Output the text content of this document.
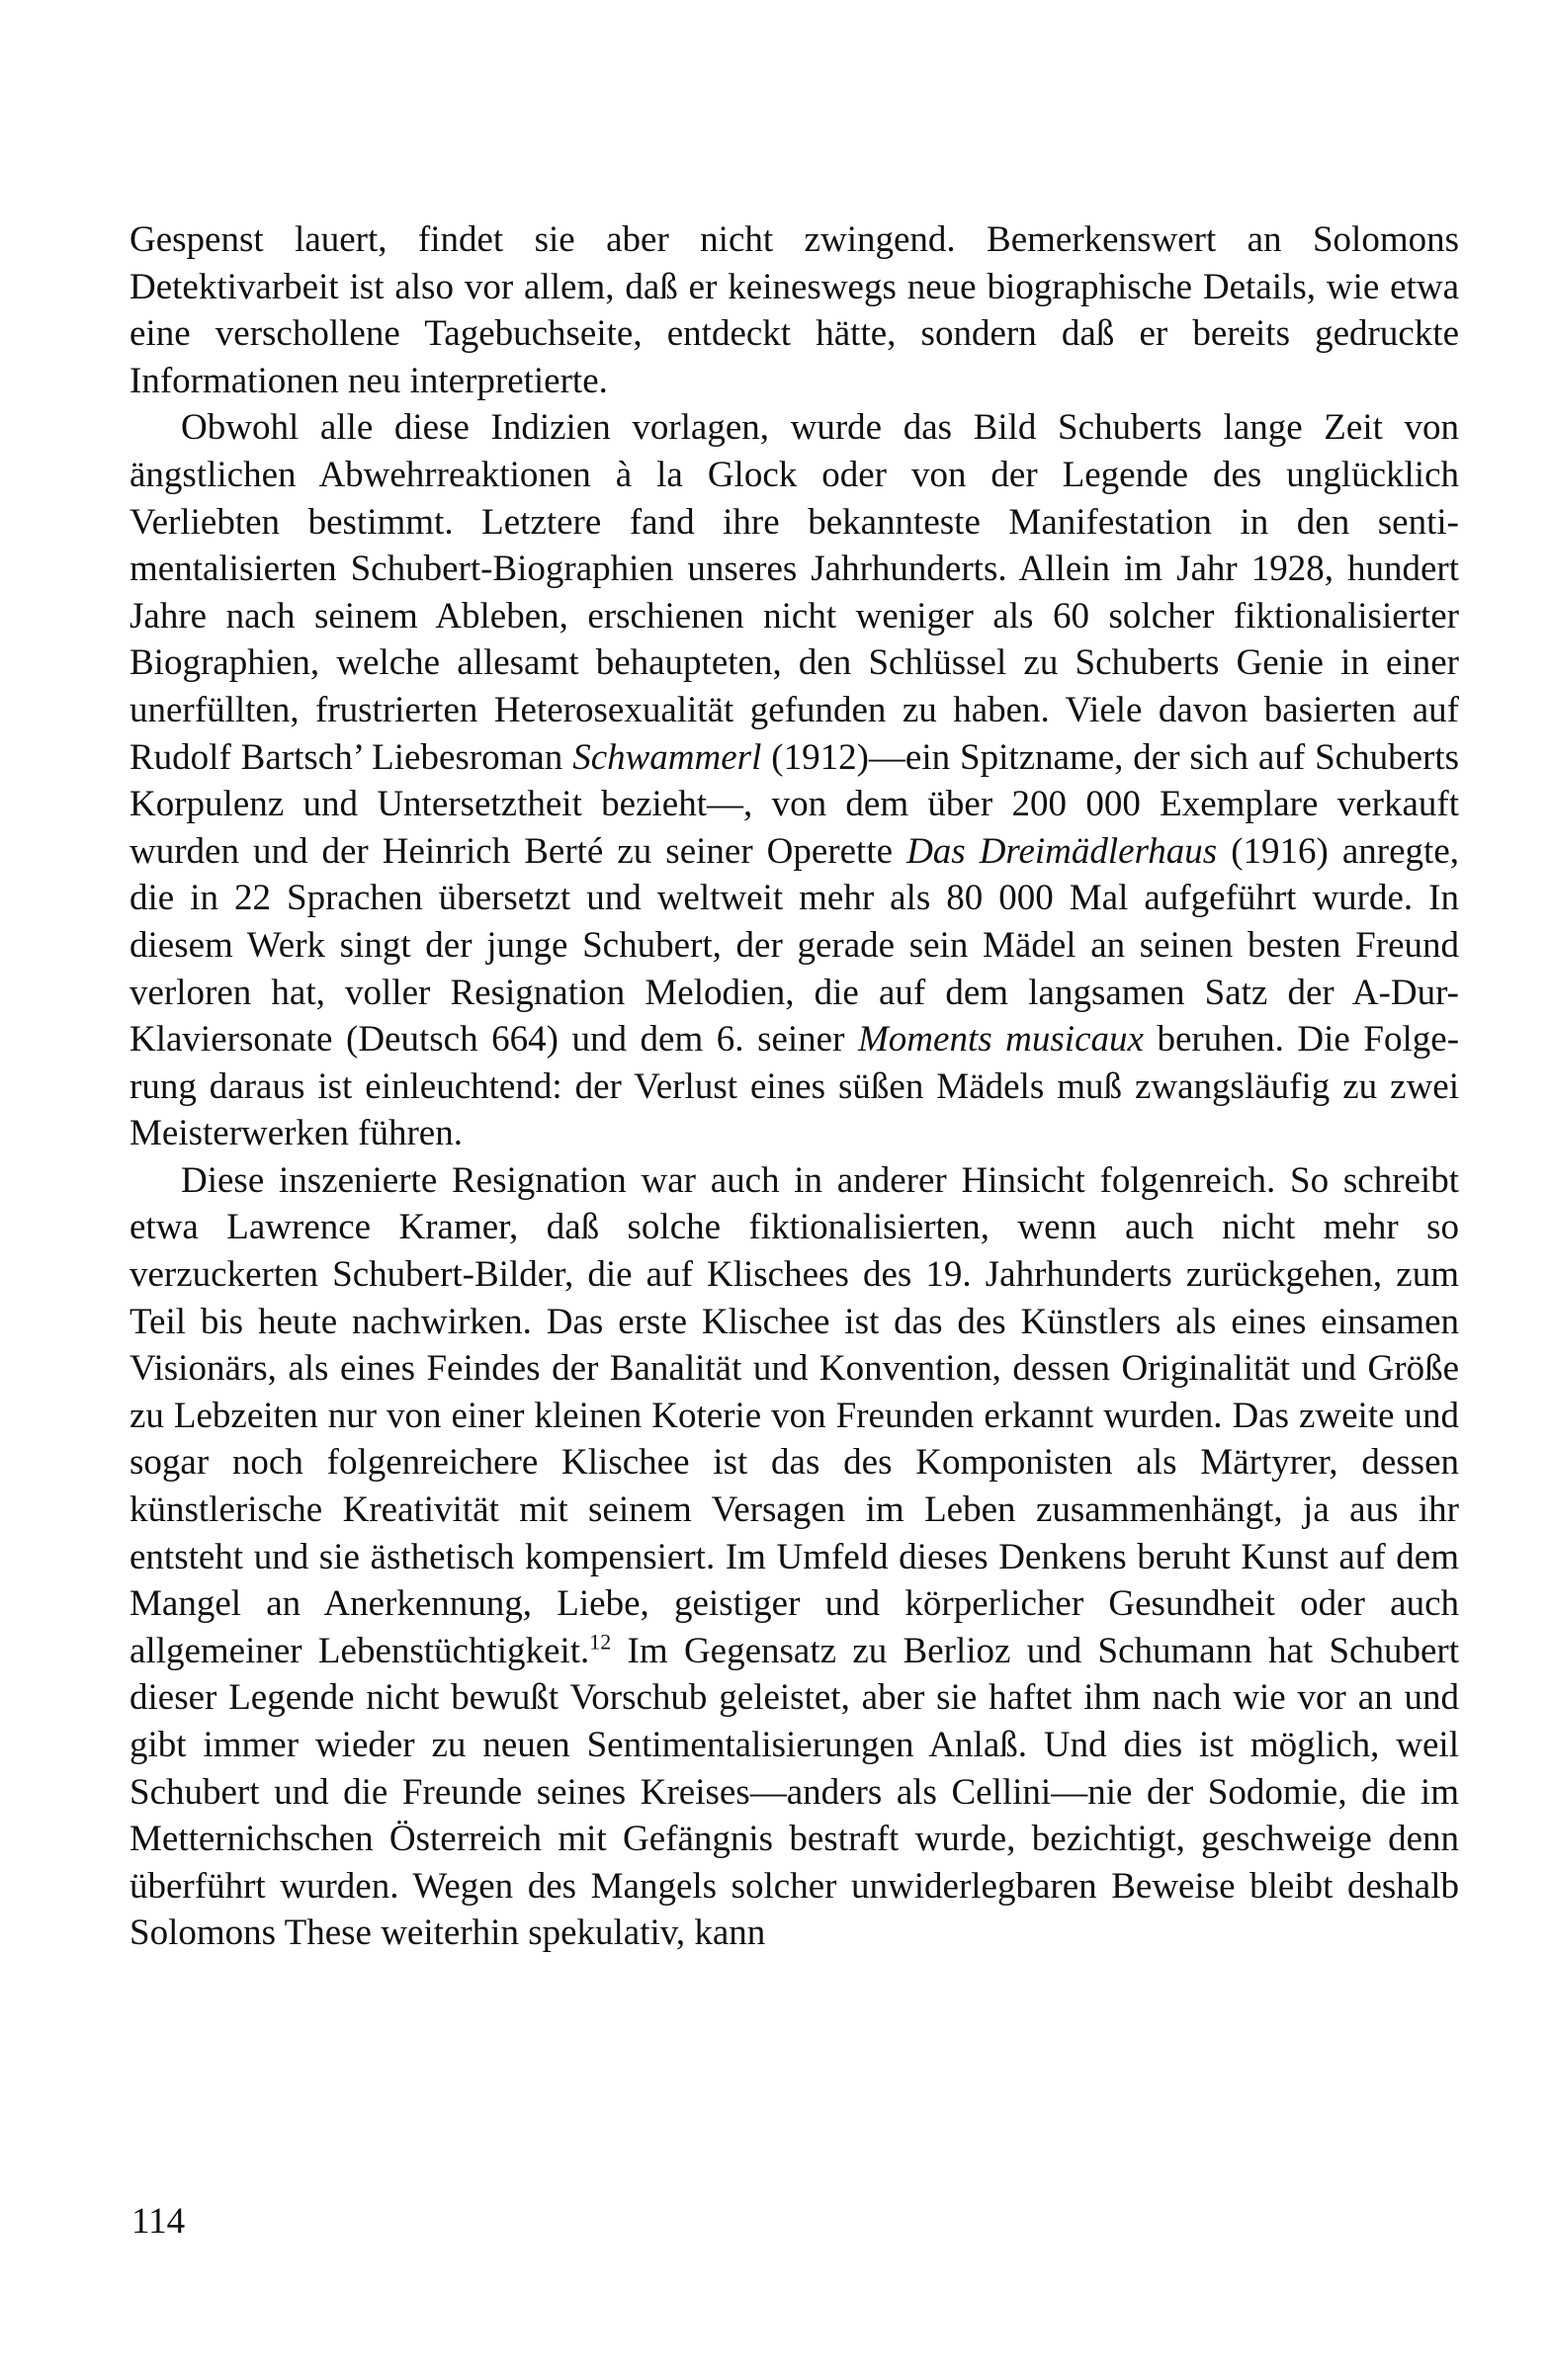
Gespenst lauert, findet sie aber nicht zwingend. Bemerkenswert an Solomons Detektivarbeit ist also vor allem, daß er keineswegs neue biographische Details, wie etwa eine verschollene Tagebuchseite, entdeckt hätte, sondern daß er bereits gedruckte Informationen neu interpretierte.

Obwohl alle diese Indizien vorlagen, wurde das Bild Schuberts lange Zeit von ängstlichen Abwehrreaktionen à la Glock oder von der Legende des unglücklich Verliebten bestimmt. Letztere fand ihre bekannteste Manifestation in den sentimentalisierten Schubert-Biographien unseres Jahrhunderts. Allein im Jahr 1928, hundert Jahre nach seinem Ableben, erschienen nicht weniger als 60 solcher fiktionalisierter Biographien, welche allesamt behaupteten, den Schlüssel zu Schuberts Genie in einer unerfüllten, frustrierten Heterosexualität gefunden zu haben. Viele davon basierten auf Rudolf Bartsch’ Liebesroman Schwammerl (1912)—ein Spitzname, der sich auf Schuberts Korpulenz und Untersetztheit bezieht—, von dem über 200 000 Exemplare verkauft wurden und der Heinrich Berté zu seiner Operette Das Dreimädlerhaus (1916) anregte, die in 22 Sprachen übersetzt und weltweit mehr als 80 000 Mal aufgeführt wurde. In diesem Werk singt der junge Schubert, der gerade sein Mädel an seinen besten Freund verloren hat, voller Resignation Melodien, die auf dem langsamen Satz der A-Dur-Klaviersonate (Deutsch 664) und dem 6. seiner Moments musicaux beruhen. Die Folgerung daraus ist einleuchtend: der Verlust eines süßen Mädels muß zwangsläufig zu zwei Meisterwerken führen.

Diese inszenierte Resignation war auch in anderer Hinsicht folgenreich. So schreibt etwa Lawrence Kramer, daß solche fiktionalisierten, wenn auch nicht mehr so verzuckerten Schubert-Bilder, die auf Klischees des 19. Jahrhunderts zurückgehen, zum Teil bis heute nachwirken. Das erste Klischee ist das des Künstlers als eines einsamen Visionärs, als eines Feindes der Banalität und Konvention, dessen Originalität und Größe zu Lebzeiten nur von einer kleinen Koterie von Freunden erkannt wurden. Das zweite und sogar noch folgenreichere Klischee ist das des Komponisten als Märtyrer, dessen künstlerische Kreativität mit seinem Versagen im Leben zusammenhängt, ja aus ihr entsteht und sie ästhetisch kompensiert. Im Umfeld dieses Denkens beruht Kunst auf dem Mangel an Anerkennung, Liebe, geistiger und körperlicher Gesundheit oder auch allgemeiner Lebenstüchtigkeit.$^{12}$ Im Gegensatz zu Berlioz und Schumann hat Schubert dieser Legende nicht bewußt Vorschub geleistet, aber sie haftet ihm nach wie vor an und gibt immer wieder zu neuen Sentimentalisierungen Anlaß. Und dies ist möglich, weil Schubert und die Freunde seines Kreises—anders als Cellini—nie der Sodomie, die im Metternichschen Österreich mit Gefängnis bestraft wurde, bezichtigt, geschweige denn überführt wurden. Wegen des Mangels solcher unwiderlegbaren Beweise bleibt deshalb Solomons These weiterhin spekulativ, kann

114
